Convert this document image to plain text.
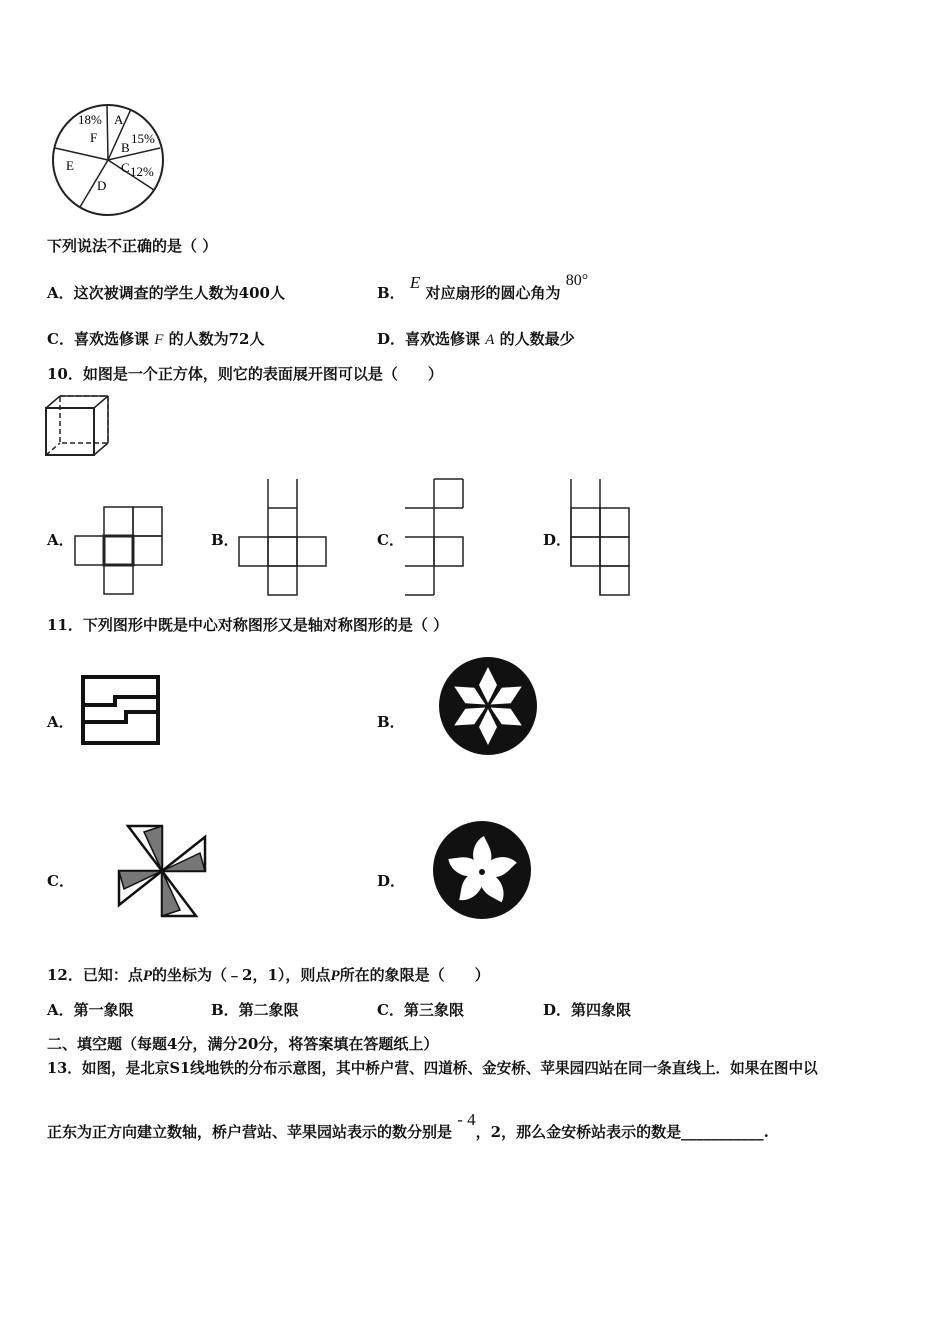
18%
F
A
B
15%
C 12%
D
E
下列说法不正确的是（ ）
A．这次被调查的学生人数为400人	B． E 对应扇形的圆心角为 80°
C．喜欢选修课 F 的人数为72人	D．喜欢选修课 A 的人数最少
10．如图是一个正方体，则它的表面展开图可以是（　　）
A．	B．	C．	D．
11．下列图形中既是中心对称图形又是轴对称图形的是（ ）
A．	B．
C．	D．
12．已知：点P的坐标为（﹣2，1），则点P所在的象限是（　　）
A．第一象限	B．第二象限	C．第三象限	D．第四象限
二、填空题（每题4分，满分20分，将答案填在答题纸上）
13．如图，是北京S1线地铁的分布示意图，其中桥户营、四道桥、金安桥、苹果园四站在同一条直线上．如果在图中以
正东为正方向建立数轴，桥户营站、苹果园站表示的数分别是 - 4，2，那么金安桥站表示的数是___________.
